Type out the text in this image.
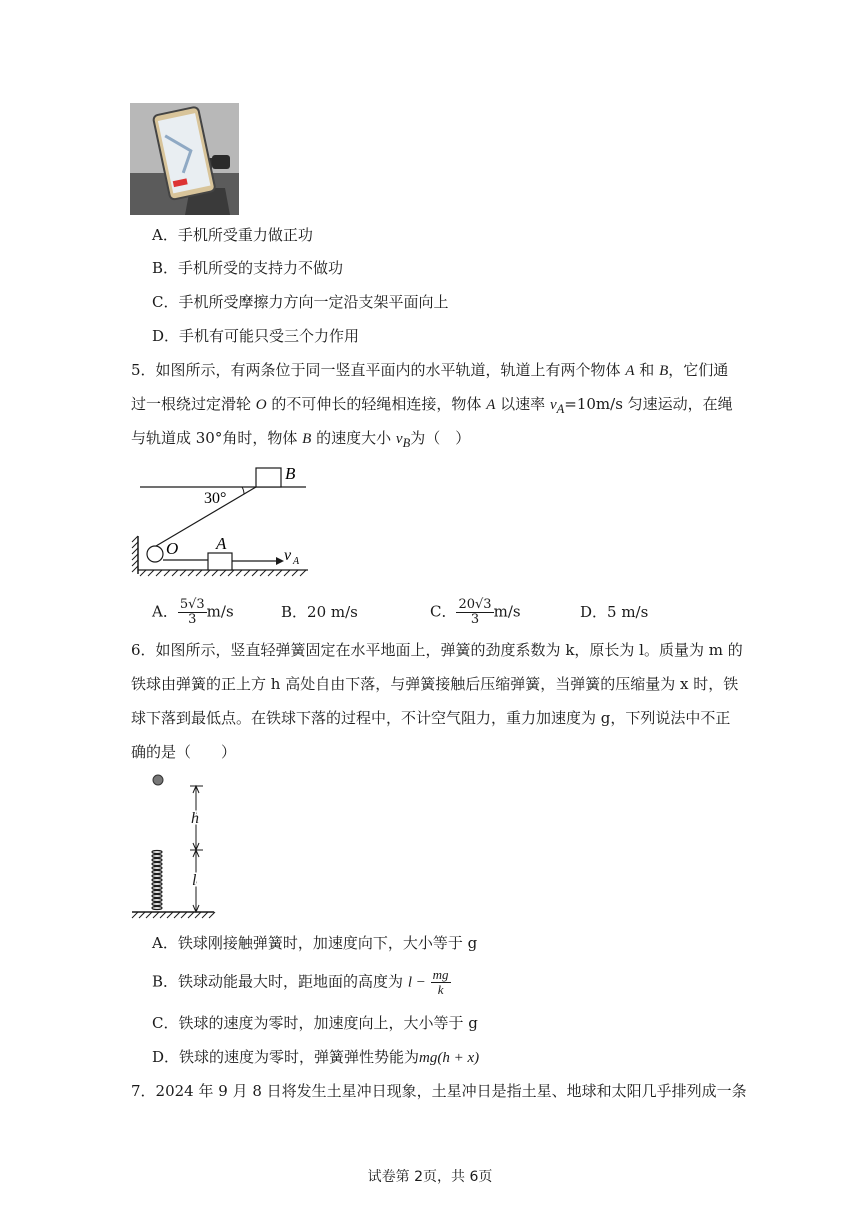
A．手机所受重力做正功
B．手机所受的支持力不做功
C．手机所受摩擦力方向一定沿支架平面向上
D．手机有可能只受三个力作用
5．如图所示，有两条位于同一竖直平面内的水平轨道，轨道上有两个物体 A 和 B，它们通
过一根绕过定滑轮 O 的不可伸长的轻绳相连接，物体 A 以速率 $v_A=10m/s$ 匀速运动，在绳
与轨道成 30°角时，物体 B 的速度大小 $v_B$为（　）
B
30°
O A
v A
A． $\frac{5√3}{3} m/s$	B．20 m/s	C． $\frac{20√3}{3} m/s$	D．5 m/s
6．如图所示，竖直轻弹簧固定在水平地面上，弹簧的劲度系数为 k，原长为 l。质量为 m 的
铁球由弹簧的正上方 h 高处自由下落，与弹簧接触后压缩弹簧，当弹簧的压缩量为 x 时，铁
球下落到最低点。在铁球下落的过程中，不计空气阻力，重力加速度为 g，下列说法中不正
确的是（　　）
h
l
A．铁球刚接触弹簧时，加速度向下，大小等于 g
B．铁球动能最大时，距地面的高度为 $l - \frac{mg}{k}$
C．铁球的速度为零时，加速度向上，大小等于 g
D．铁球的速度为零时，弹簧弹性势能为mg(h + x)
7．2024 年 9 月 8 日将发生土星冲日现象，土星冲日是指土星、地球和太阳几乎排列成一条
试卷第 2页，共 6页
